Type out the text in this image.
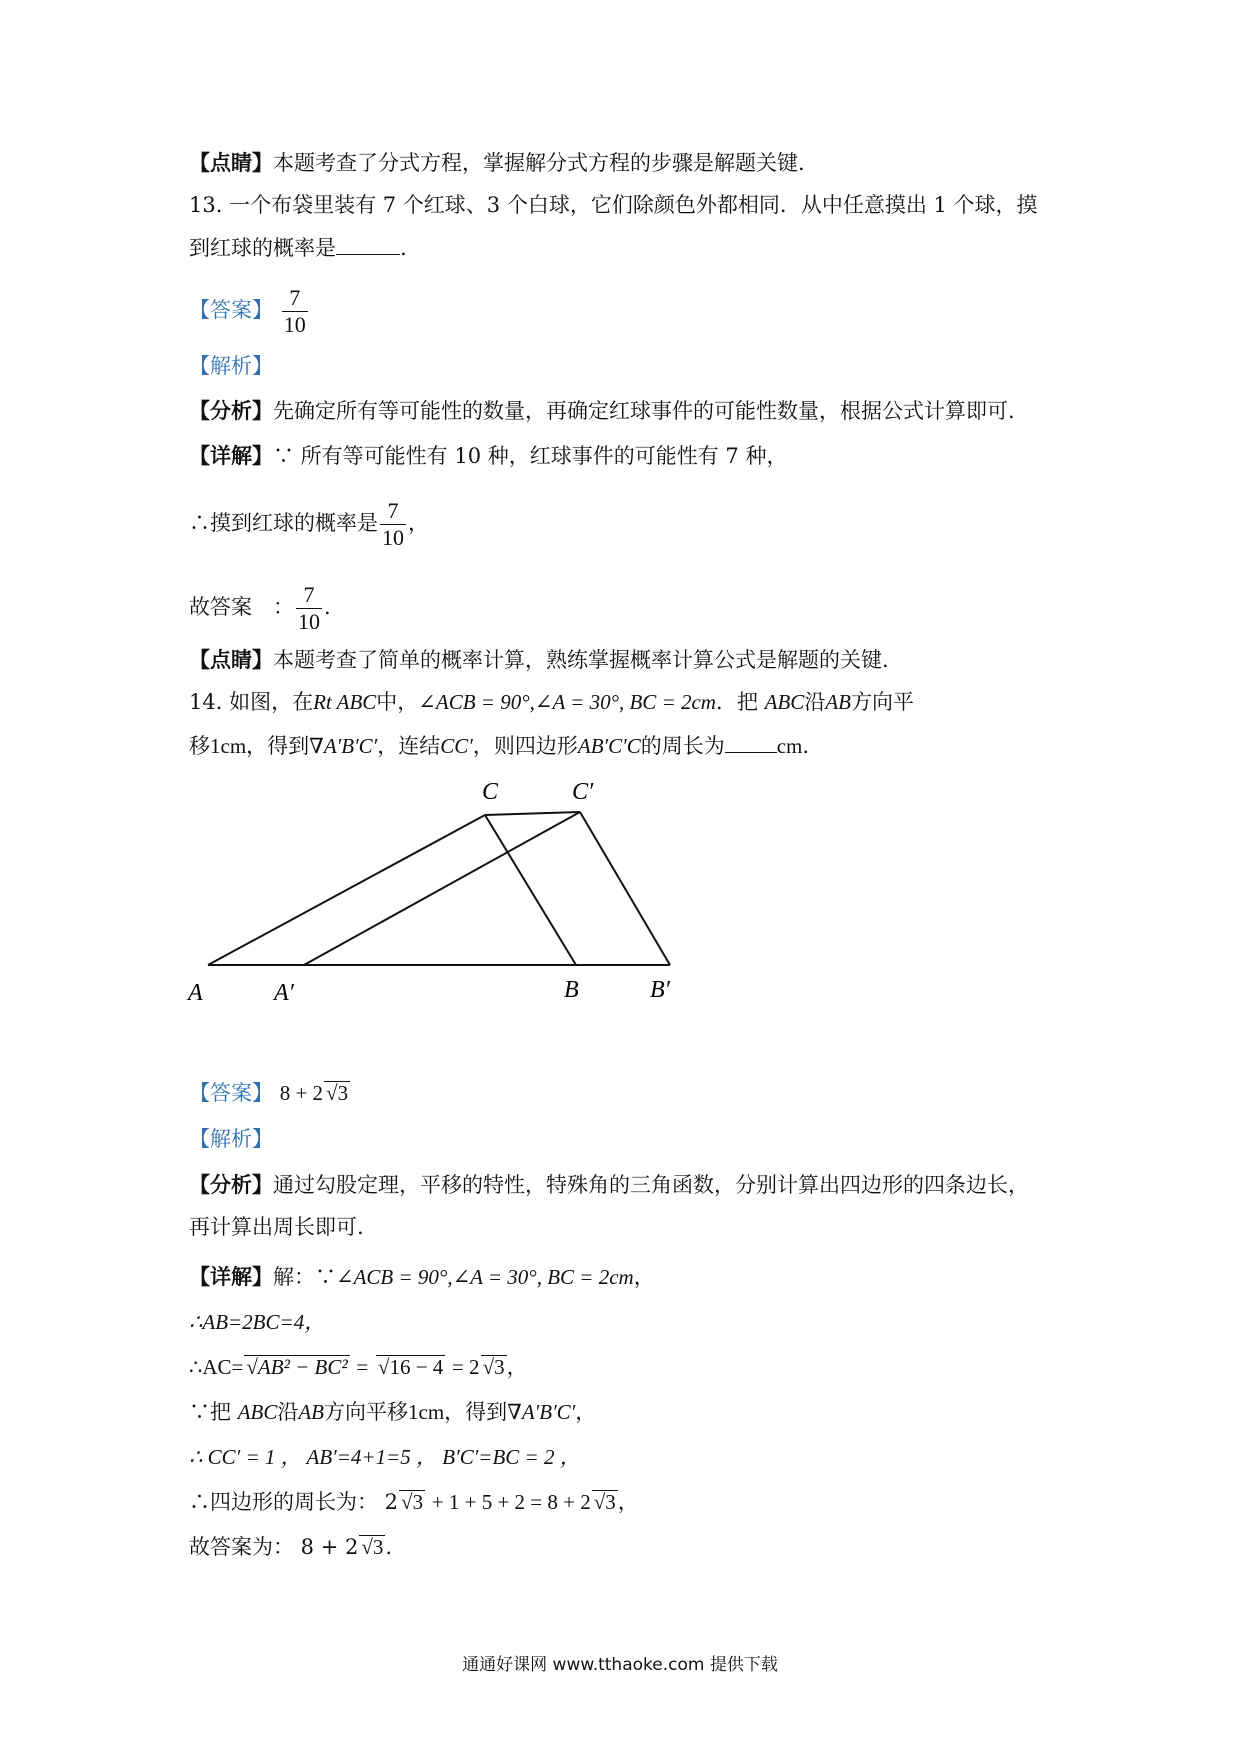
【点睛】本题考查了分式方程，掌握解分式方程的步骤是解题关键.
13. 一个布袋里装有 7 个红球、3 个白球，它们除颜色外都相同．从中任意摸出 1 个球，摸
到红球的概率是	.
【答案】 $\frac{7}{10}$
【解析】
【分析】先确定所有等可能性的数量，再确定红球事件的可能性数量，根据公式计算即可.
【详解】∵ 所有等可能性有 10 种，红球事件的可能性有 7 种，
∴摸到红球的概率是 $\frac{7}{10}$ ，
故答案　： $\frac{7}{10}$ .
【点睛】本题考查了简单的概率计算，熟练掌握概率计算公式是解题的关键.
14. 如图，在Rt ABC中，∠ACB = 90°,∠A = 30°, BC = 2cm．把 ABC沿AB方向平
移1cm，得到∇A′B′C′，连结CC′，则四边形AB′C′C的周长为 cm.
A	A′	B	B′
C	C′
【答案】 8 + 2 √3
【解析】
【分析】通过勾股定理，平移的特性，特殊角的三角函数，分别计算出四边形的四条边长，
再计算出周长即可.
【详解】解：∵∠ACB = 90°,∠A = 30°, BC = 2cm，
∴AB=2BC=4，
∴AC= √AB² − BC² = √16 − 4 = 2 √3，
∵把 ABC沿AB方向平移1cm，得到∇A′B′C′，
∴ CC′ = 1 ， AB′=4+1=5 ， B′C′=BC = 2 ，
∴四边形的周长为： 2 √3 + 1 + 5 + 2 = 8 + 2 √3，
故答案为： 8 + 2 √3.
通通好课网 www.tthaoke.com 提供下载
